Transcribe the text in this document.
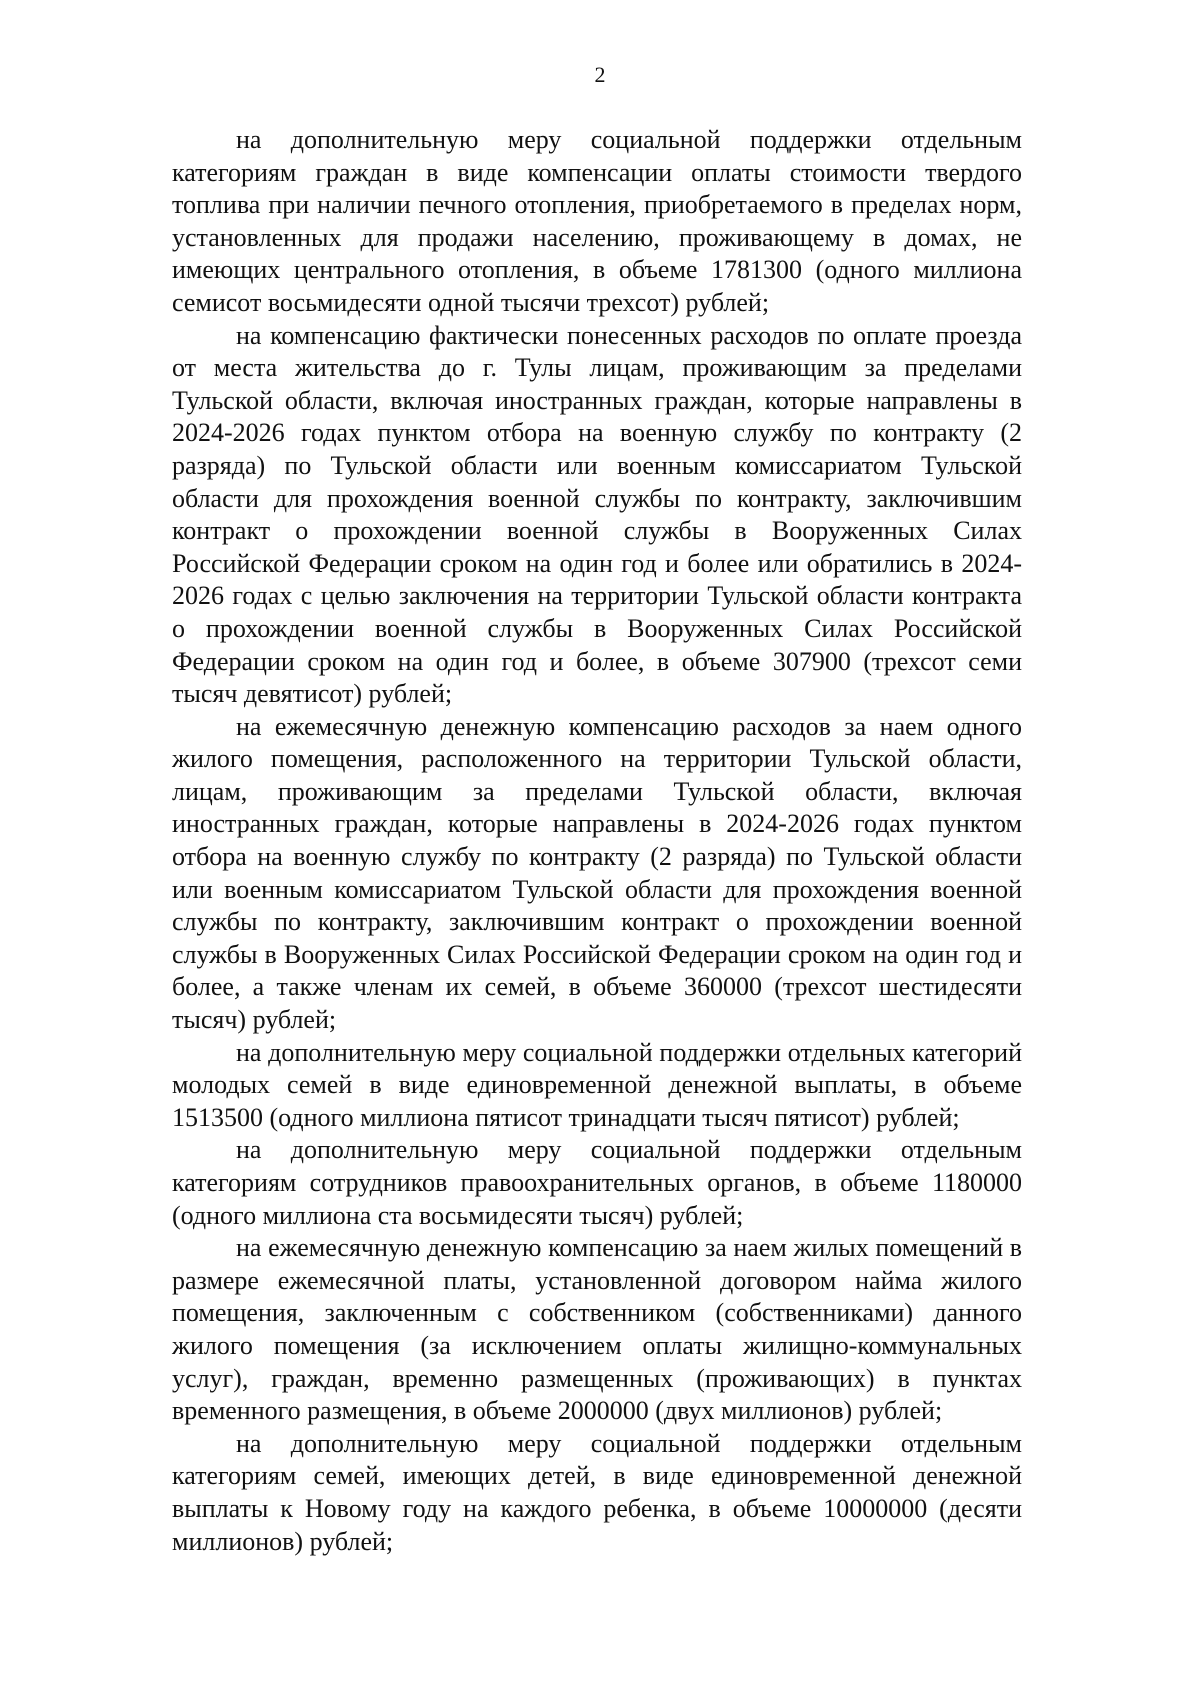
2

на дополнительную меру социальной поддержки отдельным категориям граждан в виде компенсации оплаты стоимости твердого топлива при наличии печного отопления, приобретаемого в пределах норм, установленных для продажи населению, проживающему в домах, не имеющих центрального отопления, в объеме 1781300 (одного миллиона семисот восьмидесяти одной тысячи трехсот) рублей;

на компенсацию фактически понесенных расходов по оплате проезда от места жительства до г. Тулы лицам, проживающим за пределами Тульской области, включая иностранных граждан, которые направлены в 2024-2026 годах пунктом отбора на военную службу по контракту (2 разряда) по Тульской области или военным комиссариатом Тульской области для прохождения военной службы по контракту, заключившим контракт о прохождении военной службы в Вооруженных Силах Российской Федерации сроком на один год и более или обратились в 2024-2026 годах с целью заключения на территории Тульской области контракта о прохождении военной службы в Вооруженных Силах Российской Федерации сроком на один год и более, в объеме 307900 (трехсот семи тысяч девятисот) рублей;

на ежемесячную денежную компенсацию расходов за наем одного жилого помещения, расположенного на территории Тульской области, лицам, проживающим за пределами Тульской области, включая иностранных граждан, которые направлены в 2024-2026 годах пунктом отбора на военную службу по контракту (2 разряда) по Тульской области или военным комиссариатом Тульской области для прохождения военной службы по контракту, заключившим контракт о прохождении военной службы в Вооруженных Силах Российской Федерации сроком на один год и более, а также членам их семей, в объеме 360000 (трехсот шестидесяти тысяч) рублей;

на дополнительную меру социальной поддержки отдельных категорий молодых семей в виде единовременной денежной выплаты, в объеме 1513500 (одного миллиона пятисот тринадцати тысяч пятисот) рублей;

на дополнительную меру социальной поддержки отдельным категориям сотрудников правоохранительных органов, в объеме 1180000 (одного миллиона ста восьмидесяти тысяч) рублей;

на ежемесячную денежную компенсацию за наем жилых помещений в размере ежемесячной платы, установленной договором найма жилого помещения, заключенным с собственником (собственниками) данного жилого помещения (за исключением оплаты жилищно-коммунальных услуг), граждан, временно размещенных (проживающих) в пунктах временного размещения, в объеме 2000000 (двух миллионов) рублей;

на дополнительную меру социальной поддержки отдельным категориям семей, имеющих детей, в виде единовременной денежной выплаты к Новому году на каждого ребенка, в объеме 10000000 (десяти миллионов) рублей;
